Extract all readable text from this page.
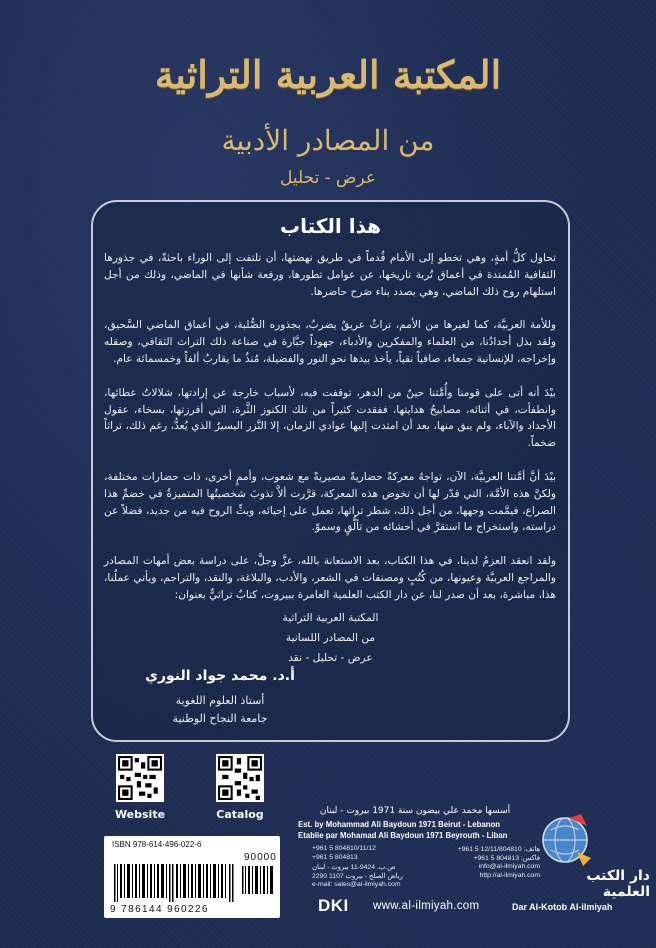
المكتبة العربية التراثية
من المصادر الأدبية
عرض - تحليل
هذا الكتاب

تحاول كلُّ أمةٍ، وهي تخطو إلى الأمام قُدماً في طريق نهضتها، أن تلتفت إلى الوراء باحثةً، في جذورها الثقافية المُمتدة في أعماق تُربة تاريخها، عن عوامل تطورها، ورفعة شأنها في الماضي، وذلك من أجل استلهام روح ذلك الماضي، وهي بصدد بناء صَرح حاضرها.

وللأمة العربيَّة، كما لغيرها من الأمم، تراثٌ عريقٌ يضربُ، بجذوره الصُّلبة، في أعماق الماضي السَّحيق، ولقد بذل أجدادُنا، من العلماء والمفكرين والأدباء، جهوداً جبَّارة في صناعة ذلك التراث الثقافي، وصقله وإخراجه، للإنسانية جمعاء، صافياً نقياً، يأخذ بيدها نحو النور والفضيلة، مُنذُ ما يقاربُ ألفاً وخمسمائة عام.

بيْدَ أنه أتى على قومنا وأُمَّتنا حينٌ من الدهر، توقفت فيه، لأسباب خارجة عن إرادتها، شلالاتُ عطائها، وانطفأت، في أثنائه، مصابيحُ هدايتها، ففقدت كثيراً من تلك الكنوز الثَّرة، التي أفرزتها، بسخاء، عقول الأجداد والآباء، ولم يبق منها، بعد أن امتدت إليها عوادي الزمان، إلا النَّزر اليسيرُ الذي يُعدُّ، رغم ذلك، تراثاً ضخماً.

بيْدَ أنَّ أمَّتنا العربيَّة، الآن، تواجهُ معركةً حضاريةً مصيريةً مع شعوب، وأممٍ أخرى، ذات حضارات مختلفة، ولكنَّ هذه الأمَّة، التي قدّر لها أن تخوض هذه المعركة، قرَّرت ألاَّ تذوبَ شخصيتُها المتميزةُ في خضمِّ هذا الصراع، فيمَّمت وجهها، من أجل ذلك، شطر تراثها، تعمل على إحيائه، وبثِّ الروح فيه من جديد، فضلاً عن دراسته، واستخراج ما استقرَّ في أحشائه من تألُّقٍ وسموّ.

ولقد انعقد العزمُ لدينا، في هذا الكتاب، بعد الاستعانة بالله، عزَّ وجلَّ، على دراسة بعض أمهات المصادر والمراجع العربيَّة وعيونها، من كُتُبٍ ومصنفات في الشعر، والأدب، والبلاغة، والنقد، والتراجم، ويأتي عملُنا، هذا، مباشرة، بعد أن صدر لنا، عن دار الكتب العلمية العامرة ببيروت، كتابٌ تراثيٌّ بعنوان:

المكتبة العربية التراثية
من المصادر اللسانية
عرض - تحليل - نقد
أ.د. محمد جواد النوري
أستاذ العلوم اللغوية
جامعة النجاح الوطنية
Website	Catalog
ISBN 978-614-496-022-6
90000
9 786144 960226
أسسها محمد علي بيضون سنة 1971 بيروت - لبنان
Est. by Mohammad Ali Baydoun 1971 Beirut - Lebanon
Etablie par Mohamad Ali Baydoun 1971 Beyrouth - Liban
+961 5 804810/11/12	هاتف: 12/11/804810 5 961+
+961 5 804813	فاكس: 804813 5 961+
ص.ب. 9424-11 بيروت - لبنان	info@al-ilmiyah.com
رياض الصلح - بيروت 1107 2290	http://al-ilmiyah.com
e-mail: sales@al-ilmiyah.com
DKI www.al-ilmiyah.com	Dar Al-Kotob Al-ilmiyah
دار الكتب العلمية
